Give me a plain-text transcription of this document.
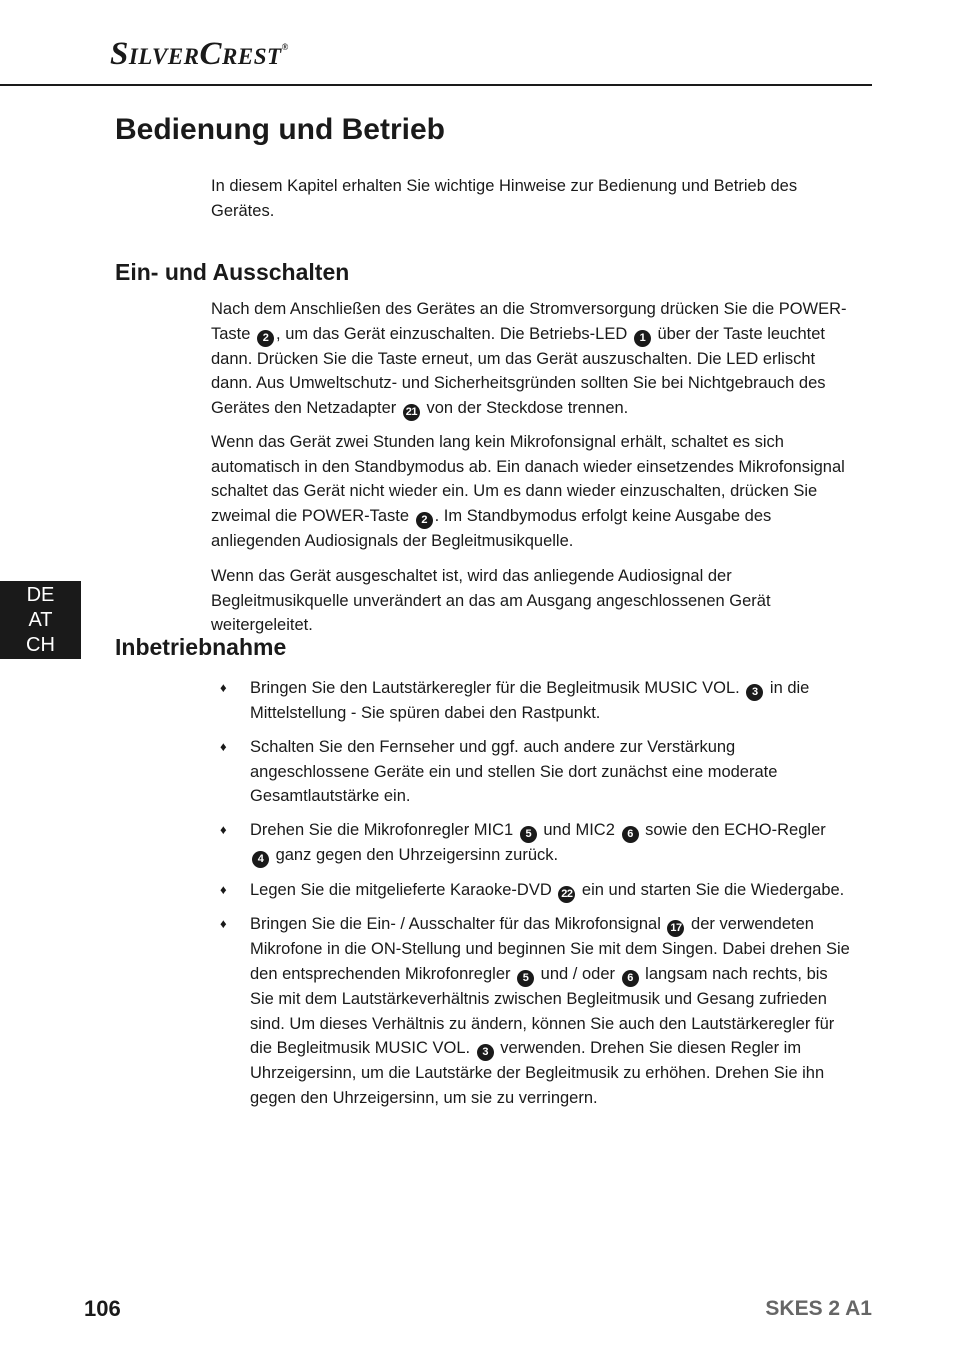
SilverCrest®
Bedienung und Betrieb

In diesem Kapitel erhalten Sie wichtige Hinweise zur Bedienung und Betrieb des Gerätes.

Ein- und Ausschalten

Nach dem Anschließen des Gerätes an die Stromversorgung drücken Sie die POWER-Taste 2 , um das Gerät einzuschalten. Die Betriebs-LED 1 über der Taste leuchtet dann. Drücken Sie die Taste erneut, um das Gerät auszuschalten. Die LED erlischt dann. Aus Umweltschutz- und Sicherheitsgründen sollten Sie bei Nichtgebrauch des Gerätes den Netzadapter 21 von der Steckdose trennen.

Wenn das Gerät zwei Stunden lang kein Mikrofonsignal erhält, schaltet es sich automatisch in den Standbymodus ab. Ein danach wieder einsetzendes Mikrofonsignal schaltet das Gerät nicht wieder ein. Um es dann wieder einzuschalten, drücken Sie zweimal die POWER-Taste 2 . Im Standbymodus erfolgt keine Ausgabe des anliegenden Audiosignals der Begleitmusikquelle.

Wenn das Gerät ausgeschaltet ist, wird das anliegende Audiosignal der Begleitmusikquelle unverändert an das am Ausgang angeschlossenen Gerät weitergeleitet.

DE
AT
CH	Inbetriebnahme
♦ Bringen Sie den Lautstärkeregler für die Begleitmusik MUSIC VOL. 3 in die Mittelstellung - Sie spüren dabei den Rastpunkt.
♦ Schalten Sie den Fernseher und ggf. auch andere zur Verstärkung angeschlossene Geräte ein und stellen Sie dort zunächst eine moderate Gesamtlautstärke ein.
♦ Drehen Sie die Mikrofonregler MIC1 5 und MIC2 6 sowie den ECHO-Regler 4 ganz gegen den Uhrzeigersinn zurück.
♦ Legen Sie die mitgelieferte Karaoke-DVD 22 ein und starten Sie die Wiedergabe.
♦ Bringen Sie die Ein- / Ausschalter für das Mikrofonsignal 17 der verwendeten Mikrofone in die ON-Stellung und beginnen Sie mit dem Singen. Dabei drehen Sie den entsprechenden Mikrofonregler 5 und / oder 6 langsam nach rechts, bis Sie mit dem Lautstärkeverhältnis zwischen Begleitmusik und Gesang zufrieden sind. Um dieses Verhältnis zu ändern, können Sie auch den Lautstärkeregler für die Begleitmusik MUSIC VOL. 3 verwenden. Drehen Sie diesen Regler im Uhrzeigersinn, um die Lautstärke der Begleitmusik zu erhöhen. Drehen Sie ihn gegen den Uhrzeigersinn, um sie zu verringern.
106	SKES 2 A1
